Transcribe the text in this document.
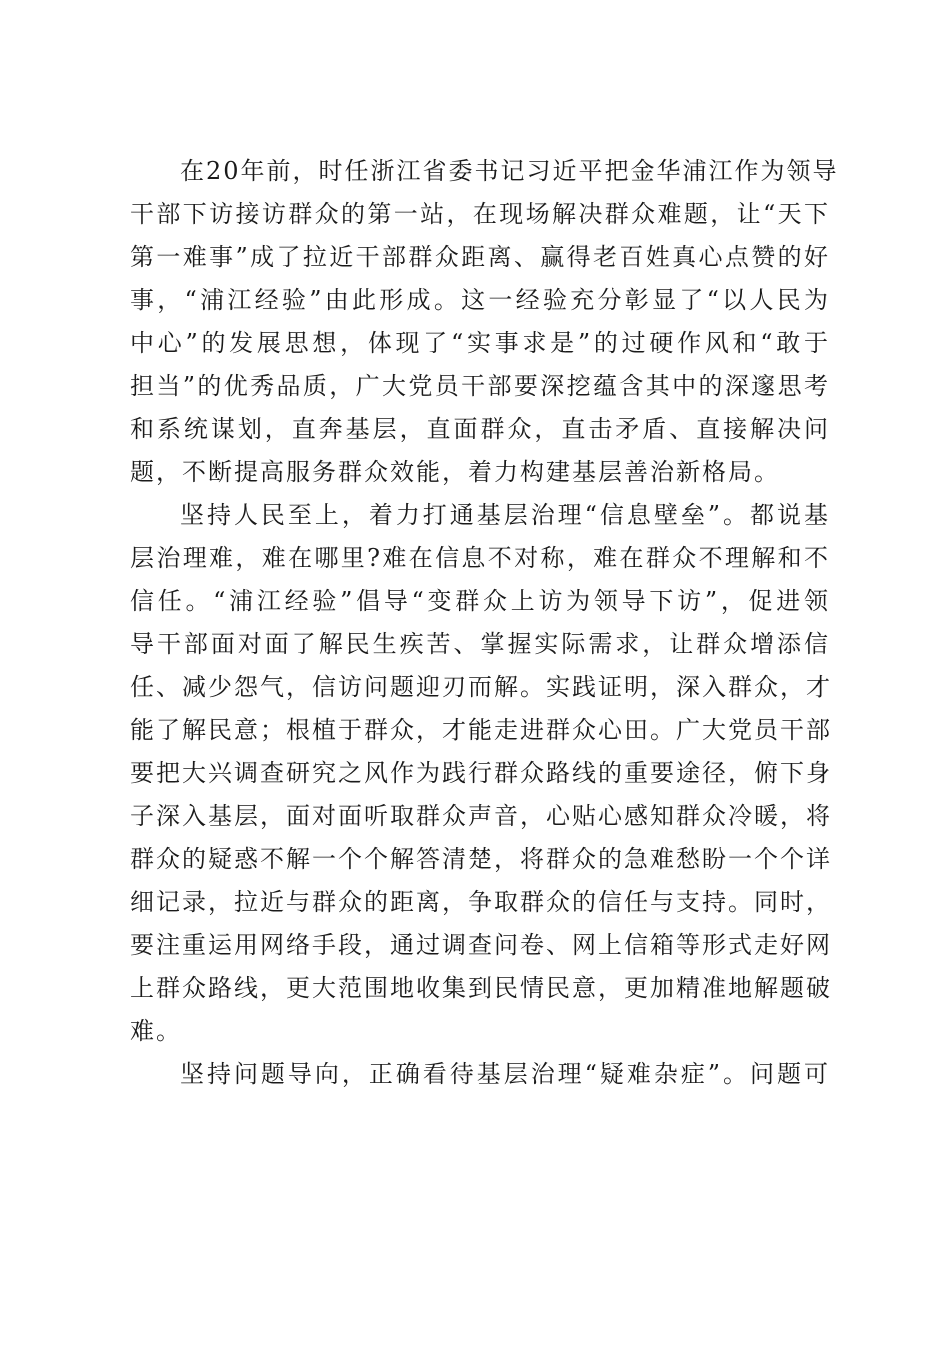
在20年前，时任浙江省委书记习近平把金华浦江作为领导
干部下访接访群众的第一站，在现场解决群众难题，让“天下
第一难事”成了拉近干部群众距离、赢得老百姓真心点赞的好
事，“浦江经验”由此形成。这一经验充分彰显了“以人民为
中心”的发展思想，体现了“实事求是”的过硬作风和“敢于
担当”的优秀品质，广大党员干部要深挖蕴含其中的深邃思考
和系统谋划，直奔基层，直面群众，直击矛盾、直接解决问
题，不断提高服务群众效能，着力构建基层善治新格局。
坚持人民至上，着力打通基层治理“信息壁垒”。都说基
层治理难，难在哪里?难在信息不对称，难在群众不理解和不
信任。“浦江经验”倡导“变群众上访为领导下访”，促进领
导干部面对面了解民生疾苦、掌握实际需求，让群众增添信
任、减少怨气，信访问题迎刃而解。实践证明，深入群众，才
能了解民意；根植于群众，才能走进群众心田。广大党员干部
要把大兴调查研究之风作为践行群众路线的重要途径，俯下身
子深入基层，面对面听取群众声音，心贴心感知群众冷暖，将
群众的疑惑不解一个个解答清楚，将群众的急难愁盼一个个详
细记录，拉近与群众的距离，争取群众的信任与支持。同时，
要注重运用网络手段，通过调查问卷、网上信箱等形式走好网
上群众路线，更大范围地收集到民情民意，更加精准地解题破
难。
坚持问题导向，正确看待基层治理“疑难杂症”。问题可
